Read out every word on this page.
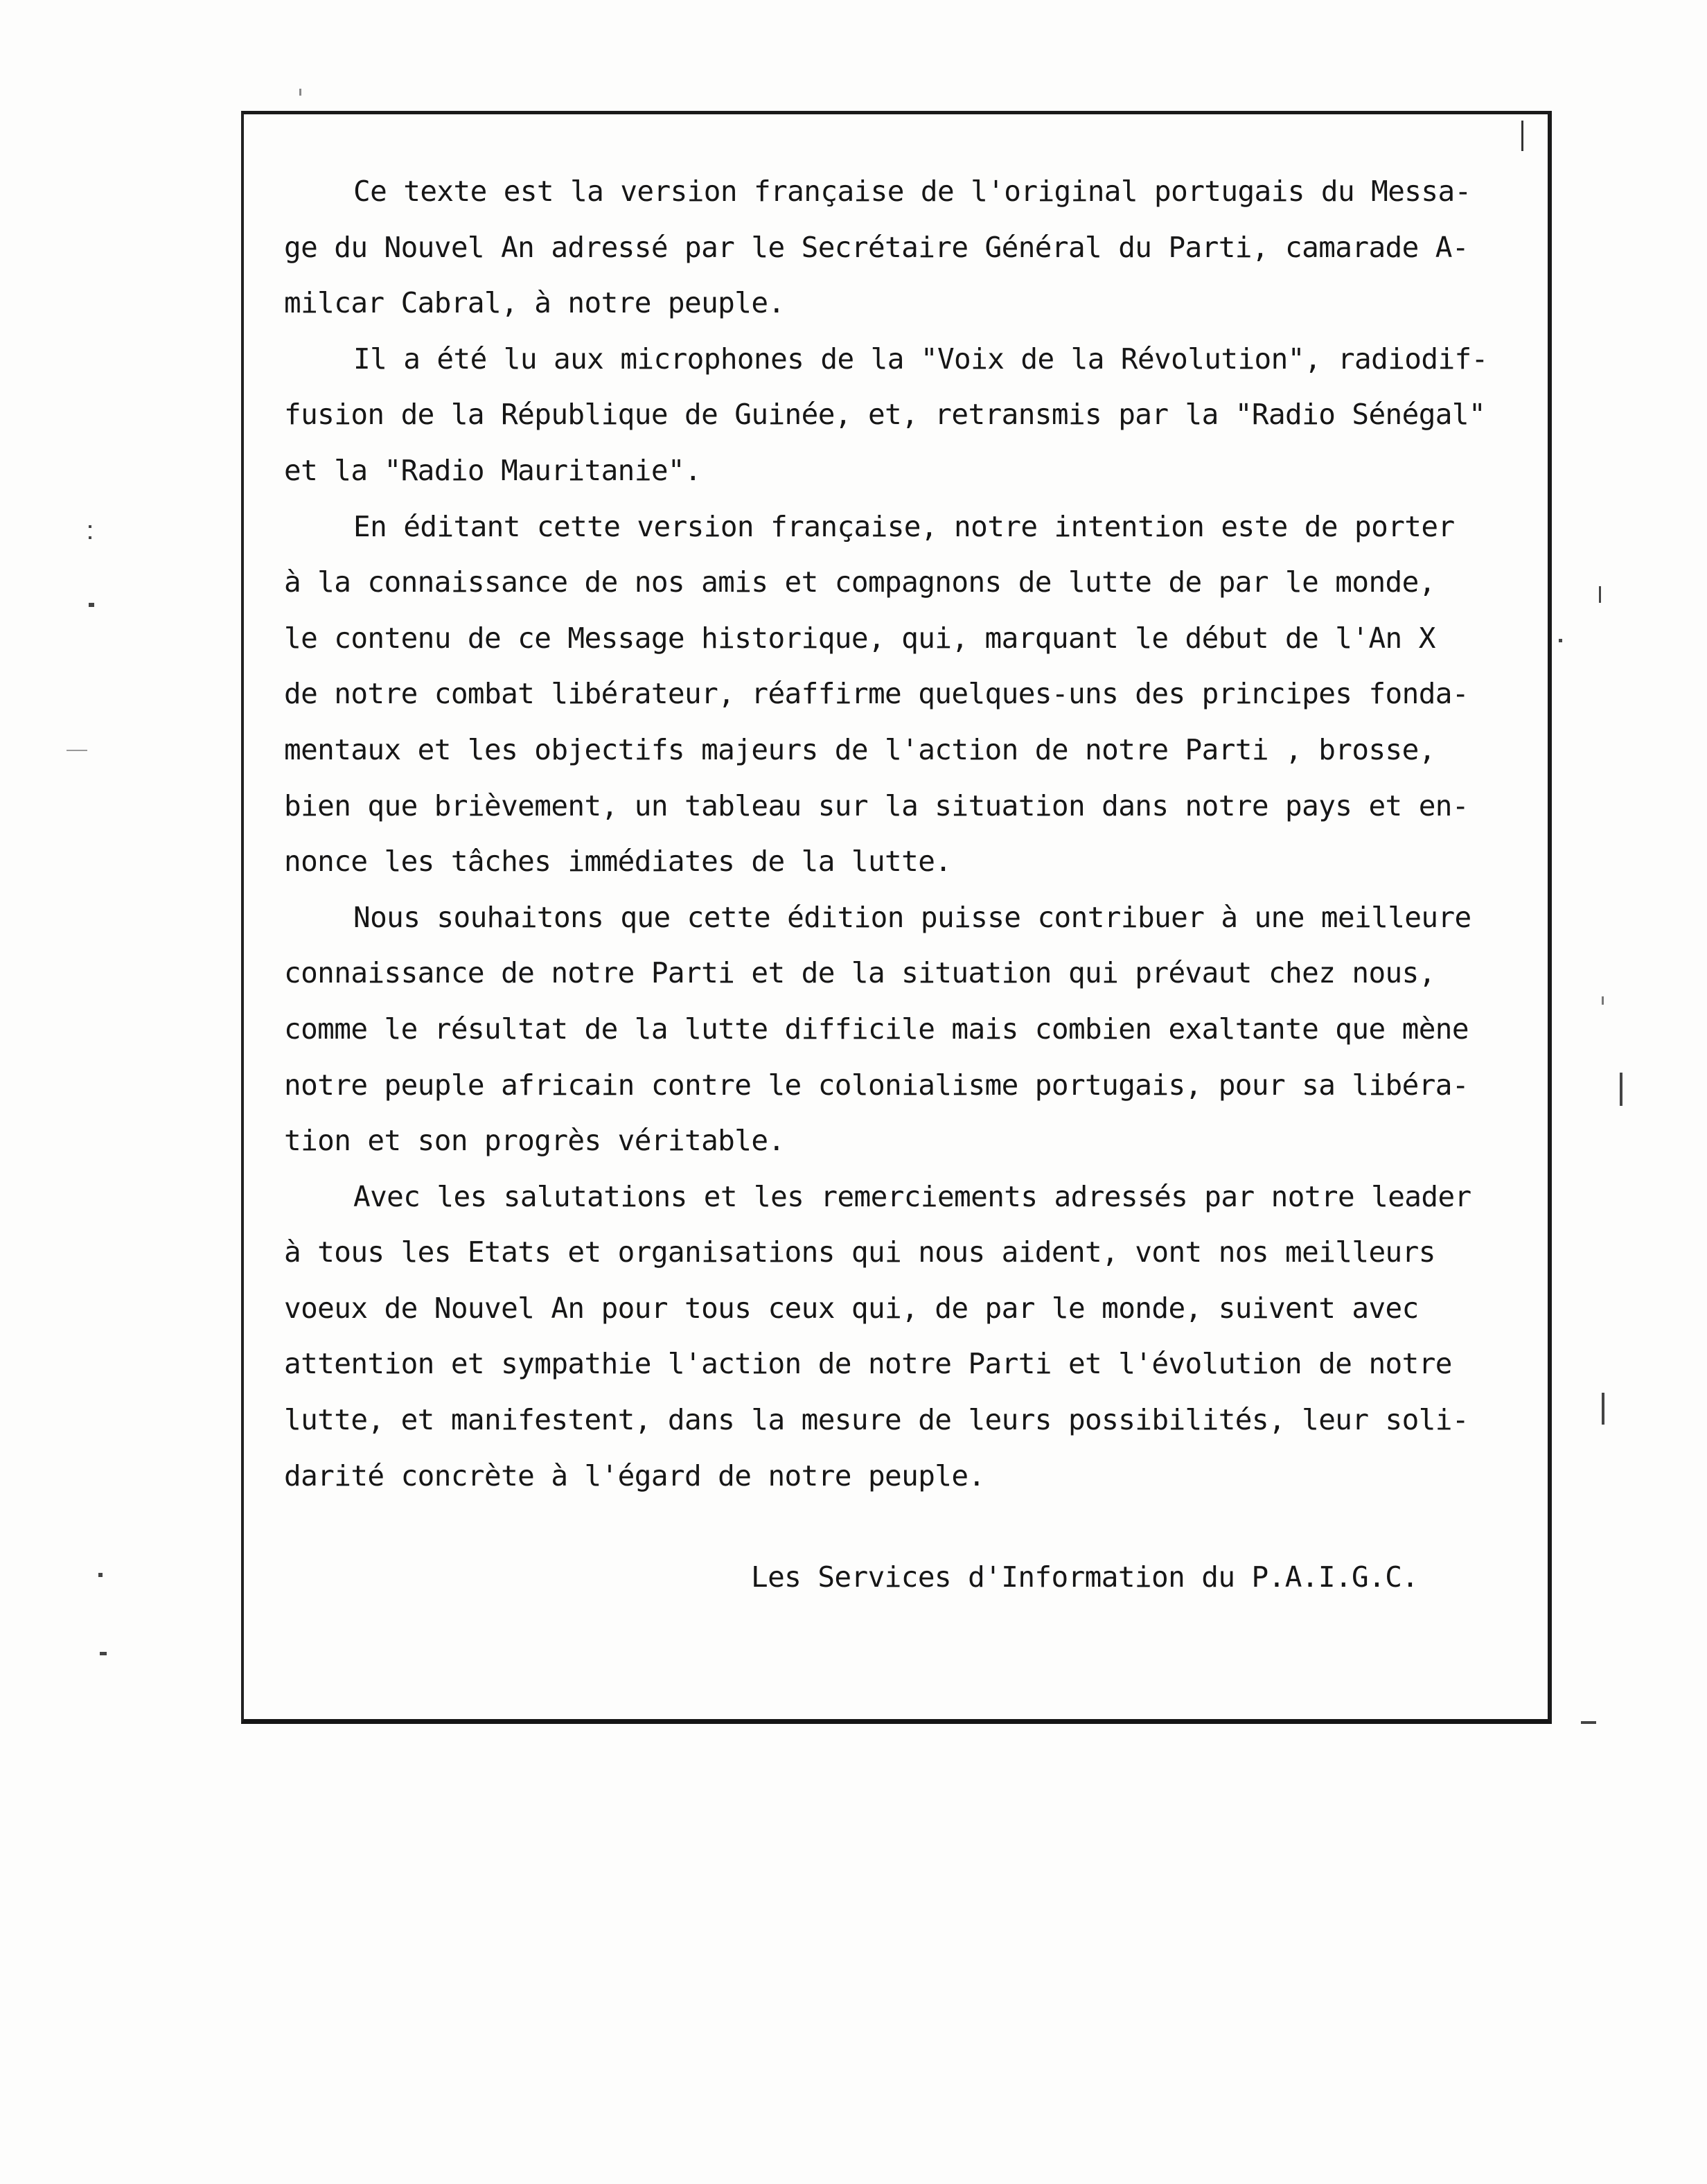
Ce texte est la version française de l'original portugais du Messa-
ge du Nouvel An adressé par le Secrétaire Général du Parti, camarade A-
milcar Cabral, à notre peuple.
Il a été lu aux microphones de la "Voix de la Révolution", radiodif-
fusion de la République de Guinée, et, retransmis par la "Radio Sénégal"
et la "Radio Mauritanie".
En éditant cette version française, notre intention este de porter
à la connaissance de nos amis et compagnons de lutte de par le monde,
le contenu de ce Message historique, qui, marquant le début de l'An X
de notre combat libérateur, réaffirme quelques-uns des principes fonda-
mentaux et les objectifs majeurs de l'action de notre Parti , brosse,
bien que brièvement, un tableau sur la situation dans notre pays et en-
nonce les tâches immédiates de la lutte.
Nous souhaitons que cette édition puisse contribuer à une meilleure
connaissance de notre Parti et de la situation qui prévaut chez nous,
comme le résultat de la lutte difficile mais combien exaltante que mène
notre peuple africain contre le colonialisme portugais, pour sa libéra-
tion et son progrès véritable.
Avec les salutations et les remerciements adressés par notre leader
à tous les Etats et organisations qui nous aident, vont nos meilleurs
voeux de Nouvel An pour tous ceux qui, de par le monde, suivent avec
attention et sympathie l'action de notre Parti et l'évolution de notre
lutte, et manifestent, dans la mesure de leurs possibilités, leur soli-
darité concrète à l'égard de notre peuple.
Les Services d'Information du P.A.I.G.C.
